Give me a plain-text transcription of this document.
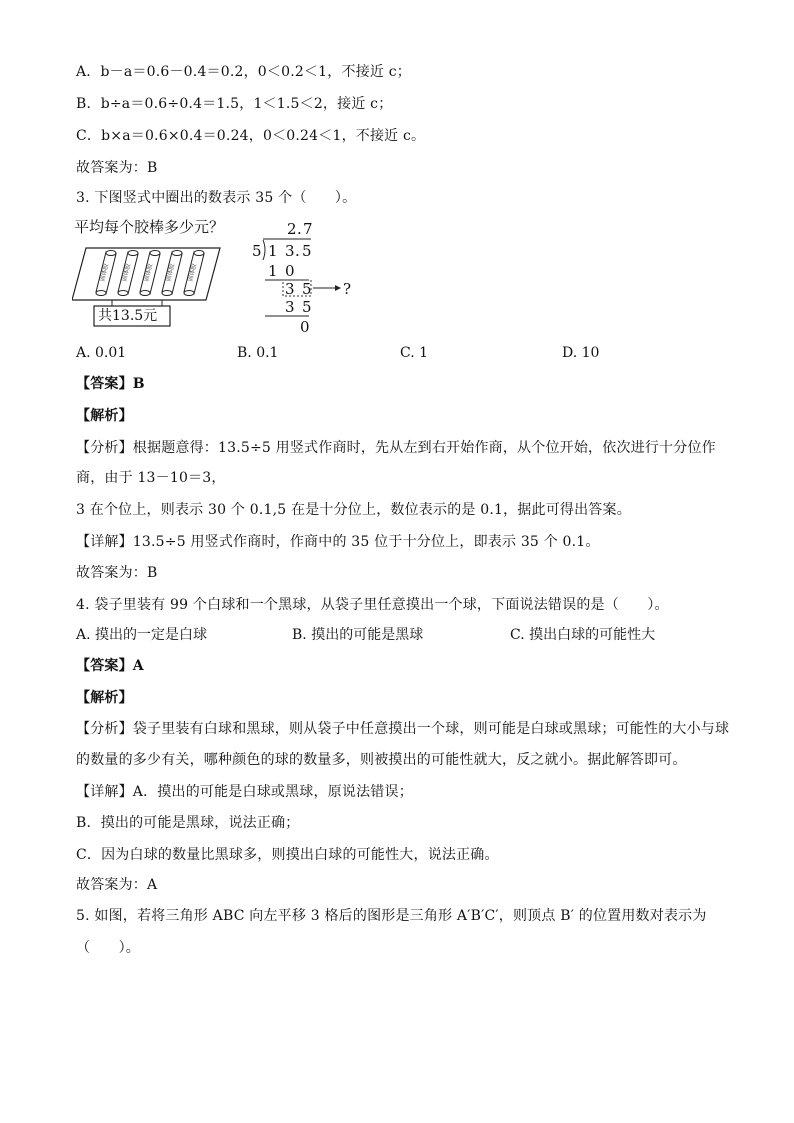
A．b－a＝0.6－0.4＝0.2，0＜0.2＜1，不接近 c；
B．b÷a＝0.6÷0.4＝1.5，1＜1.5＜2，接近 c；
C．b×a＝0.6×0.4＝0.24，0＜0.24＜1，不接近 c。
故答案为：B
3. 下图竖式中圈出的数表示 35 个（　　）。
平均每个胶棒多少元？
固体胶 固体胶 固体胶 固体胶 固体胶
共13.5元
2 . 7
5 1 3 . 5
1 0
3 5 ?
3 5
0
A. 0.01	B. 0.1	C. 1	D. 10
【答案】B
【解析】
【分析】根据题意得：13.5÷5 用竖式作商时，先从左到右开始作商，从个位开始，依次进行十分位作
商，由于 13－10＝3，
3 在个位上，则表示 30 个 0.1,5 在是十分位上，数位表示的是 0.1，据此可得出答案。
【详解】13.5÷5 用竖式作商时，作商中的 35 位于十分位上，即表示 35 个 0.1。
故答案为：B
4. 袋子里装有 99 个白球和一个黑球，从袋子里任意摸出一个球，下面说法错误的是（　　）。
A. 摸出的一定是白球	B. 摸出的可能是黑球	C. 摸出白球的可能性大
【答案】A
【解析】
【分析】袋子里装有白球和黑球，则从袋子中任意摸出一个球，则可能是白球或黑球；可能性的大小与球
的数量的多少有关，哪种颜色的球的数量多，则被摸出的可能性就大，反之就小。据此解答即可。
【详解】A．摸出的可能是白球或黑球，原说法错误；
B．摸出的可能是黑球，说法正确；
C．因为白球的数量比黑球多，则摸出白球的可能性大，说法正确。
故答案为：A
5. 如图，若将三角形 ABC 向左平移 3 格后的图形是三角形 A′B′C′，则顶点 B′ 的位置用数对表示为
（　　）。
